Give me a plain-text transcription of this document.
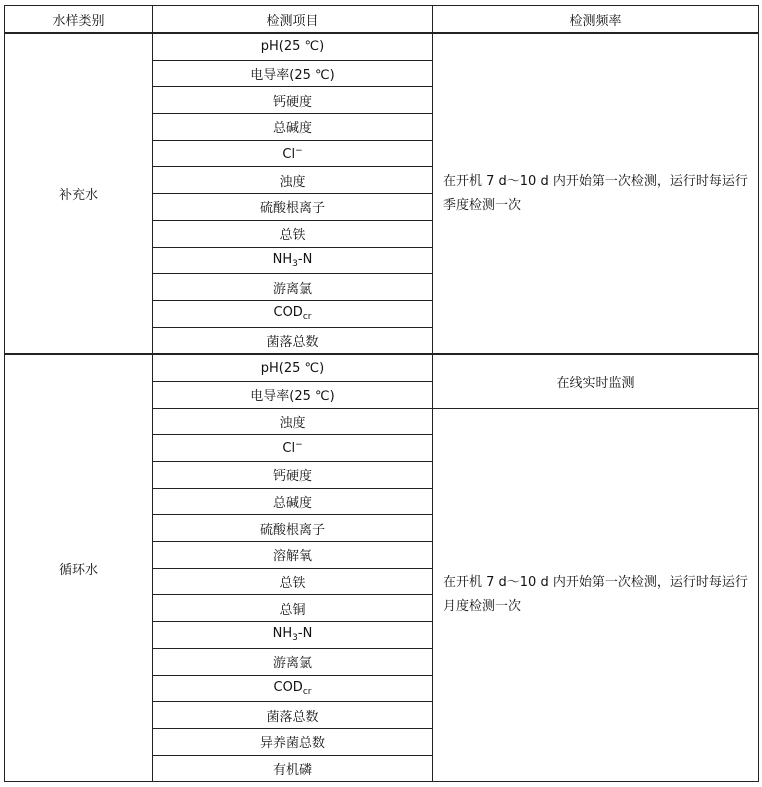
水样类别	检测项目	检测频率
补充水	pH(25 ℃)	在开机 7 d～10 d 内开始第一次检测，运行时每运行季度检测一次
	电导率(25 ℃)	
	钙硬度	
	总碱度	
	Cl−
	浊度	
	硫酸根离子	
	总铁	
	$NH_3-N$	
	游离氯	
	$COD_{cr}$
	菌落总数	
循环水	pH(25 ℃)	在线实时监测
	电导率(25 ℃)	
	浊度	在开机 7 d～10 d 内开始第一次检测，运行时每运行月度检测一次
	Cl−
	钙硬度	
	总碱度	
	硫酸根离子	
	溶解氧	
	总铁	
	总铜	
	$NH_3-N$	
	游离氯	
	$COD_{cr}$
	菌落总数	
	异养菌总数	
	有机磷	
